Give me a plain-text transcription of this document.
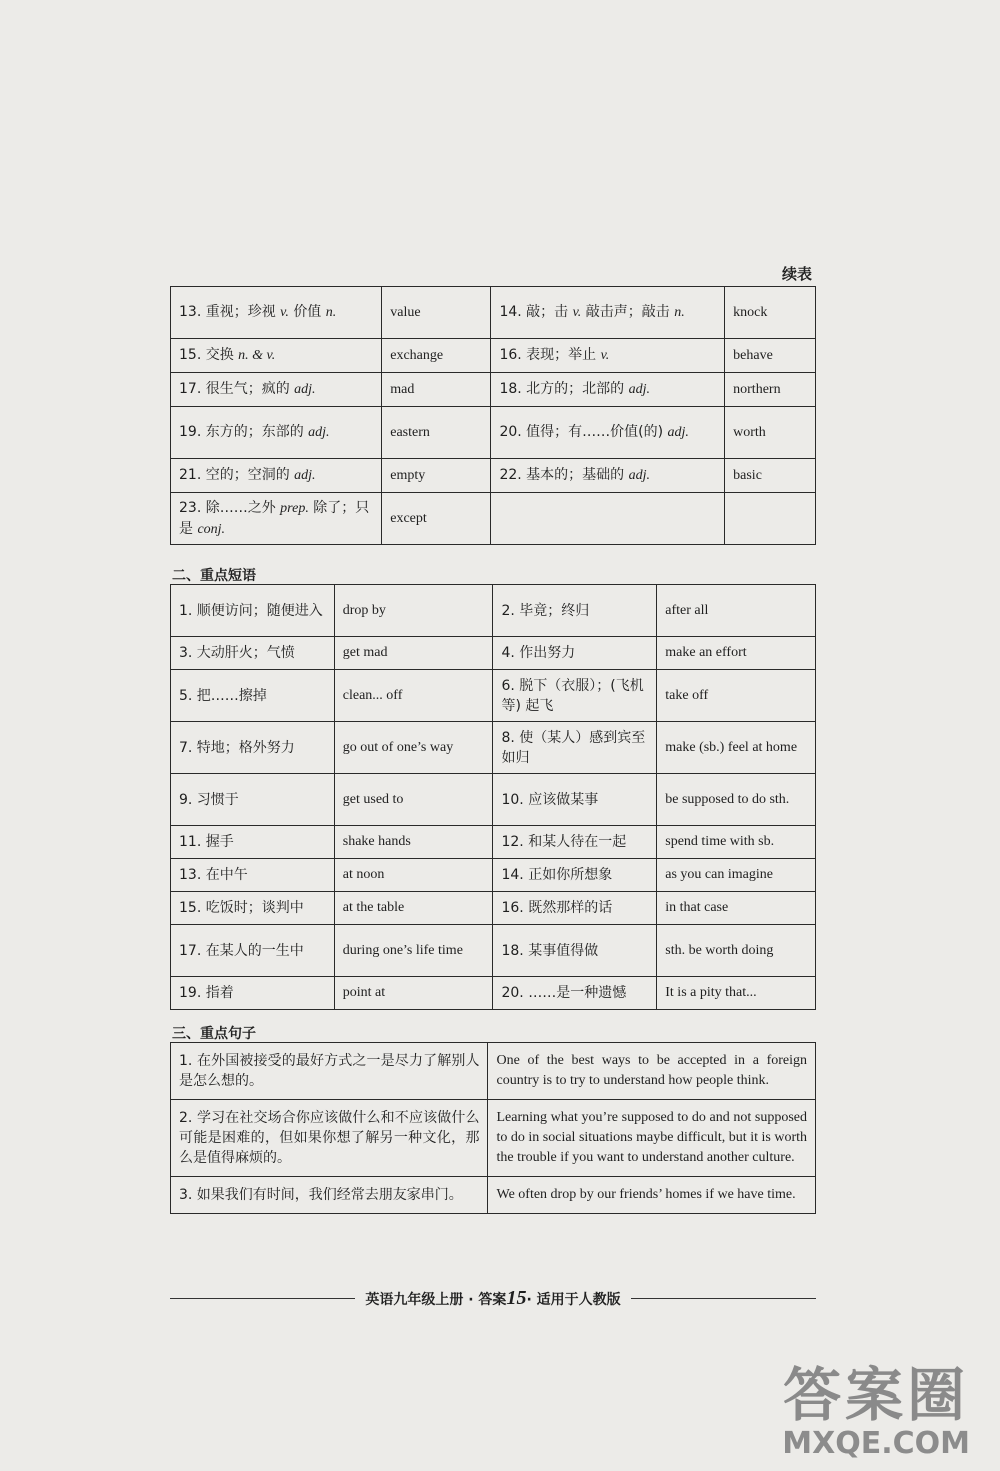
续表
13. 重视；珍视 v. 价值 n.	value	14. 敲；击 v. 敲击声；敲击 n.	knock
15. 交换 n. & v.	exchange	16. 表现；举止 v.	behave
17. 很生气；疯的 adj.	mad	18. 北方的；北部的 adj.	northern
19. 东方的；东部的 adj.	eastern	20. 值得；有……价值(的) adj.	worth
21. 空的；空洞的 adj.	empty	22. 基本的；基础的 adj.	basic
23. 除……之外 prep. 除了；只是 conj.	except		
二、重点短语
1. 顺便访问；随便进入	drop by	2. 毕竟；终归	after all
3. 大动肝火；气愤	get mad	4. 作出努力	make an effort
5. 把……擦掉	clean... off	6. 脱下（衣服）；(飞机等) 起飞	take off
7. 特地；格外努力	go out of one’s way	8. 使（某人）感到宾至如归	make (sb.) feel at home
9. 习惯于	get used to	10. 应该做某事	be supposed to do sth.
11. 握手	shake hands	12. 和某人待在一起	spend time with sb.
13. 在中午	at noon	14. 正如你所想象	as you can imagine
15. 吃饭时；谈判中	at the table	16. 既然那样的话	in that case
17. 在某人的一生中	during one’s life time	18. 某事值得做	sth. be worth doing
19. 指着	point at	20. ……是一种遗憾	It is a pity that...
三、重点句子
1. 在外国被接受的最好方式之一是尽力了解别人是怎么想的。	One of the best ways to be accepted in a foreign country is to try to understand how people think.
2. 学习在社交场合你应该做什么和不应该做什么可能是困难的，但如果你想了解另一种文化，那么是值得麻烦的。	Learning what you’re supposed to do and not supposed to do in social situations maybe difficult, but it is worth the trouble if you want to understand another culture.
3. 如果我们有时间，我们经常去朋友家串门。	We often drop by our friends’ homes if we have time.
英语九年级上册 · 答案15· 适用于人教版
答案圈
MXQE.COM
